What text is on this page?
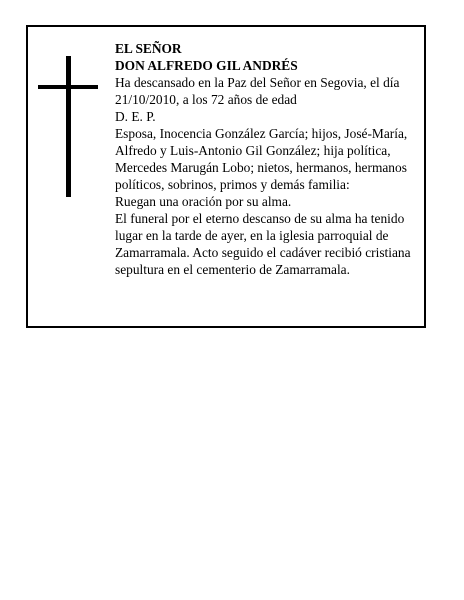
EL SEÑOR
DON ALFREDO GIL ANDRÉS
Ha descansado en la Paz del Señor en Segovia, el día
21/10/2010, a los 72 años de edad
D. E. P.
Esposa, Inocencia González García; hijos, José-María,
Alfredo y Luis-Antonio Gil González; hija política,
Mercedes Marugán Lobo; nietos, hermanos, hermanos
políticos, sobrinos, primos y demás familia:
Ruegan una oración por su alma.
El funeral por el eterno descanso de su alma ha tenido
lugar en la tarde de ayer, en la iglesia parroquial de
Zamarramala. Acto seguido el cadáver recibió cristiana
sepultura en el cementerio de Zamarramala.
